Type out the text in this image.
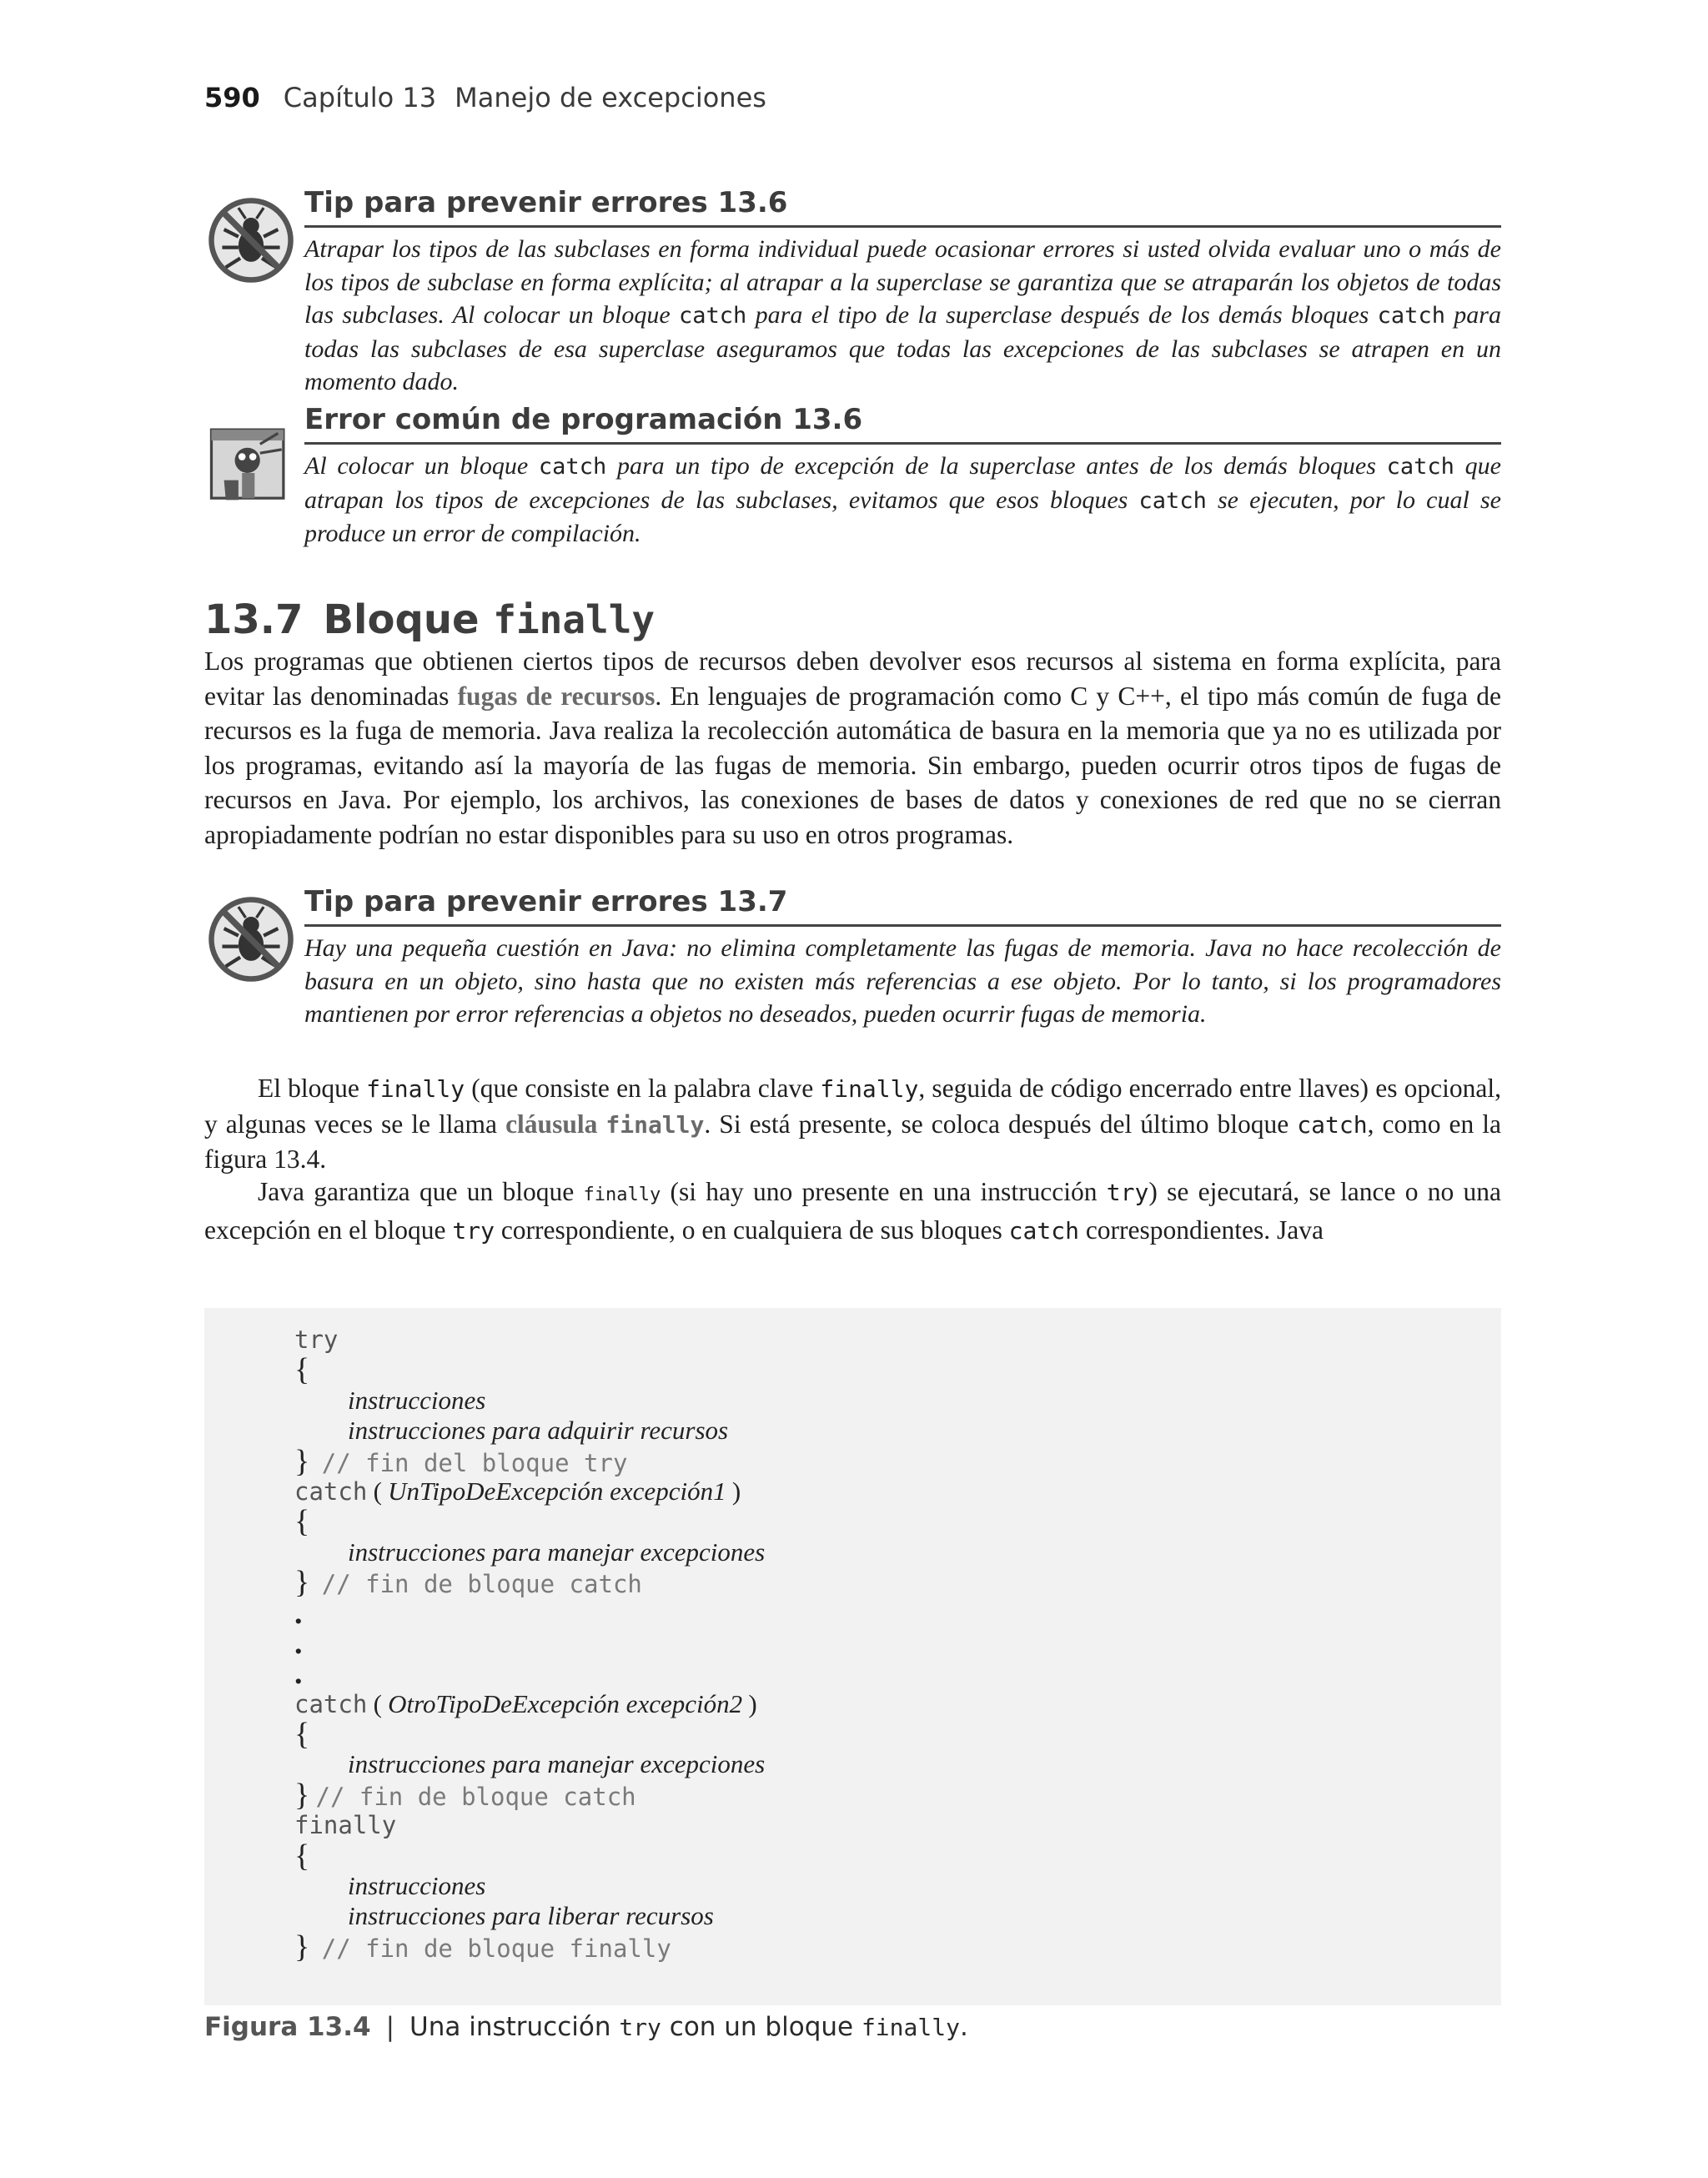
590 Capítulo 13 Manejo de excepciones
Tip para prevenir errores 13.6
Atrapar los tipos de las subclases en forma individual puede ocasionar errores si usted olvida evaluar uno o más de los tipos de subclase en forma explícita; al atrapar a la superclase se garantiza que se atraparán los objetos de todas las subclases. Al colocar un bloque catch para el tipo de la superclase después de los demás bloques catch para todas las subclases de esa superclase aseguramos que todas las excepciones de las subclases se atrapen en un momento dado.
Error común de programación 13.6
Al colocar un bloque catch para un tipo de excepción de la superclase antes de los demás bloques catch que atrapan los tipos de excepciones de las subclases, evitamos que esos bloques catch se ejecuten, por lo cual se produce un error de compilación.
13.7 Bloque finally
Los programas que obtienen ciertos tipos de recursos deben devolver esos recursos al sistema en forma explícita, para evitar las denominadas fugas de recursos. En lenguajes de programación como C y C++, el tipo más común de fuga de recursos es la fuga de memoria. Java realiza la recolección automática de basura en la memoria que ya no es utilizada por los programas, evitando así la mayoría de las fugas de memoria. Sin embargo, pueden ocurrir otros tipos de fugas de recursos en Java. Por ejemplo, los archivos, las conexiones de bases de datos y conexiones de red que no se cierran apropiadamente podrían no estar disponibles para su uso en otros programas.
Tip para prevenir errores 13.7
Hay una pequeña cuestión en Java: no elimina completamente las fugas de memoria. Java no hace recolección de basura en un objeto, sino hasta que no existen más referencias a ese objeto. Por lo tanto, si los programadores mantienen por error referencias a objetos no deseados, pueden ocurrir fugas de memoria.
El bloque finally (que consiste en la palabra clave finally, seguida de código encerrado entre llaves) es opcional, y algunas veces se le llama cláusula finally. Si está presente, se coloca después del último bloque catch, como en la figura 13.4.
Java garantiza que un bloque finally (si hay uno presente en una instrucción try) se ejecutará, se lance o no una excepción en el bloque try correspondiente, o en cualquiera de sus bloques catch correspondientes. Java
try
{
instrucciones
instrucciones para adquirir recursos
} // fin del bloque try
catch ( UnTipoDeExcepción excepción1 )
{
instrucciones para manejar excepciones
} // fin de bloque catch
.
.
.
catch ( OtroTipoDeExcepción excepción2 )
{
instrucciones para manejar excepciones
} // fin de bloque catch
finally
{
instrucciones
instrucciones para liberar recursos
} // fin de bloque finally
Figura 13.4 | Una instrucción try con un bloque finally.
